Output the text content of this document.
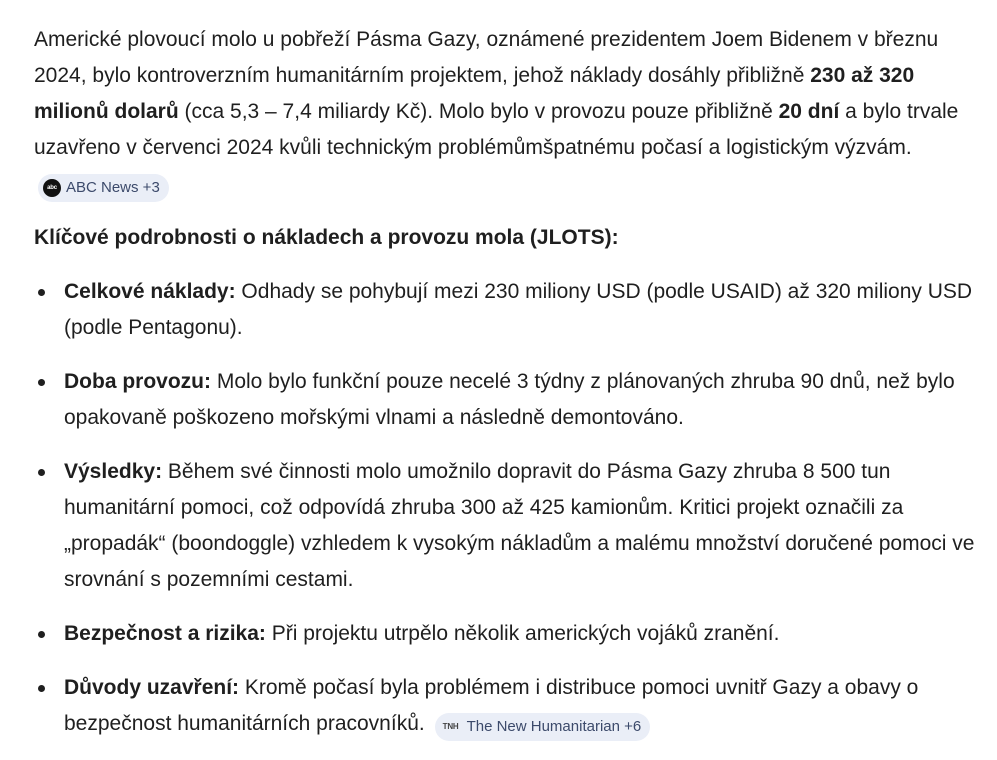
Americké plovoucí molo u pobřeží Pásma Gazy, oznámené prezidentem Joem Bidenem v březnu 2024, bylo kontroverzním humanitárním projektem, jehož náklady dosáhly přibližně 230 až 320 milionů dolarů (cca 5,3 – 7,4 miliardy Kč). Molo bylo v provozu pouze přibližně 20 dní a bylo trvale uzavřeno v červenci 2024 kvůli technickým problémůmšpatnému počasí a logistickým výzvám.
abc ABC News +3

Klíčové podrobnosti o nákladech a provozu mola (JLOTS):

Celkové náklady: Odhady se pohybují mezi 230 miliony USD (podle USAID) až 320 miliony USD (podle Pentagonu).
Doba provozu: Molo bylo funkční pouze necelé 3 týdny z plánovaných zhruba 90 dnů, než bylo opakovaně poškozeno mořskými vlnami a následně demontováno.
Výsledky: Během své činnosti molo umožnilo dopravit do Pásma Gazy zhruba 8 500 tun humanitární pomoci, což odpovídá zhruba 300 až 425 kamionům. Kritici projekt označili za „propadák“ (boondoggle) vzhledem k vysokým nákladům a malému množství doručené pomoci ve srovnání s pozemními cestami.
Bezpečnost a rizika: Při projektu utrpělo několik amerických vojáků zranění.
Důvody uzavření: Kromě počasí byla problémem i distribuce pomoci uvnitř Gazy a obavy o bezpečnost humanitárních pracovníků.	TNH The New Humanitarian +6
